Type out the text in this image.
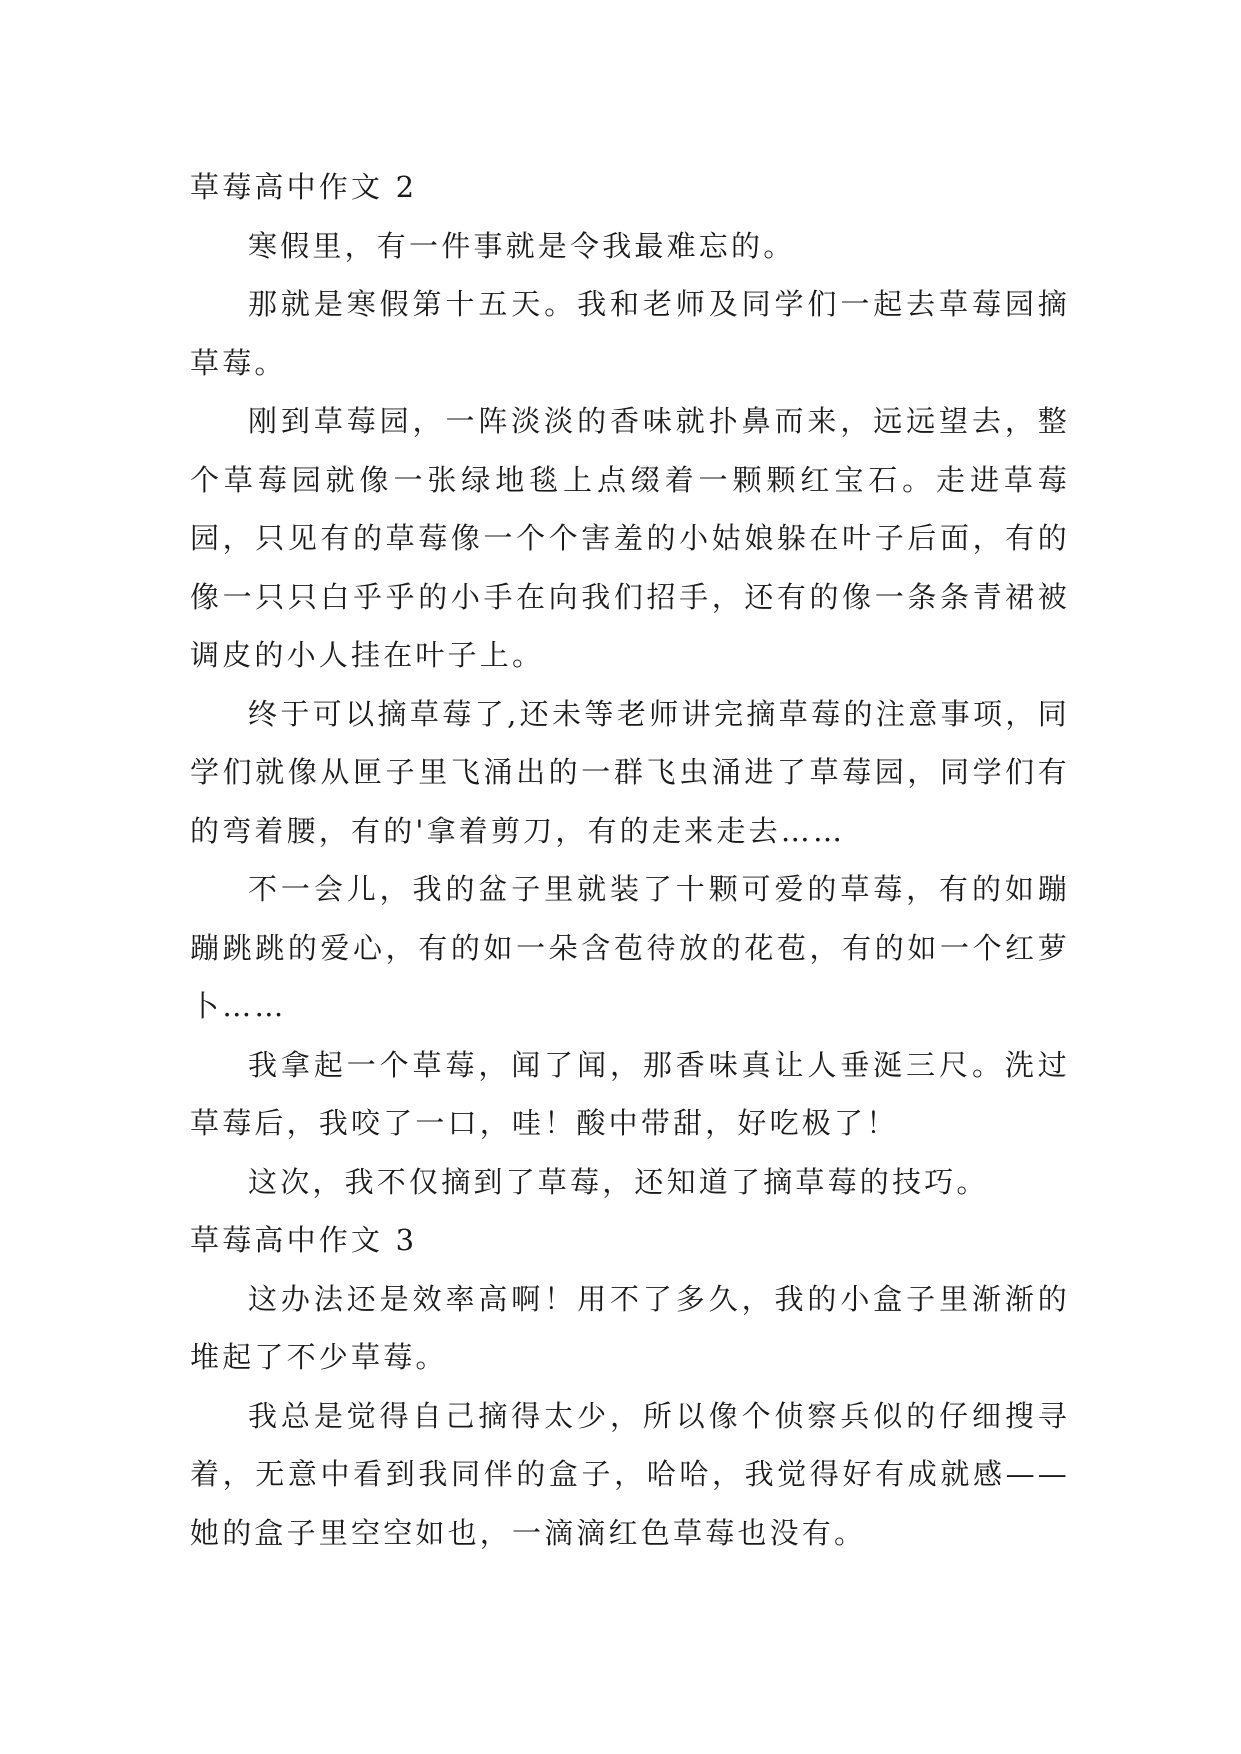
草莓高中作文 2

寒假里，有一件事就是令我最难忘的。

那就是寒假第十五天。我和老师及同学们一起去草莓园摘草莓。

刚到草莓园，一阵淡淡的香味就扑鼻而来，远远望去，整个草莓园就像一张绿地毯上点缀着一颗颗红宝石。走进草莓园，只见有的草莓像一个个害羞的小姑娘躲在叶子后面，有的像一只只白乎乎的小手在向我们招手，还有的像一条条青裙被调皮的小人挂在叶子上。

终于可以摘草莓了,还未等老师讲完摘草莓的注意事项，同学们就像从匣子里飞涌出的一群飞虫涌进了草莓园，同学们有的弯着腰，有的'拿着剪刀，有的走来走去……

不一会儿，我的盆子里就装了十颗可爱的草莓，有的如蹦蹦跳跳的爱心，有的如一朵含苞待放的花苞，有的如一个红萝卜……

我拿起一个草莓，闻了闻，那香味真让人垂涎三尺。洗过草莓后，我咬了一口，哇！酸中带甜，好吃极了！

这次，我不仅摘到了草莓，还知道了摘草莓的技巧。

草莓高中作文 3

这办法还是效率高啊！用不了多久，我的小盒子里渐渐的堆起了不少草莓。

我总是觉得自己摘得太少，所以像个侦察兵似的仔细搜寻着，无意中看到我同伴的盒子，哈哈，我觉得好有成就感——她的盒子里空空如也，一滴滴红色草莓也没有。
